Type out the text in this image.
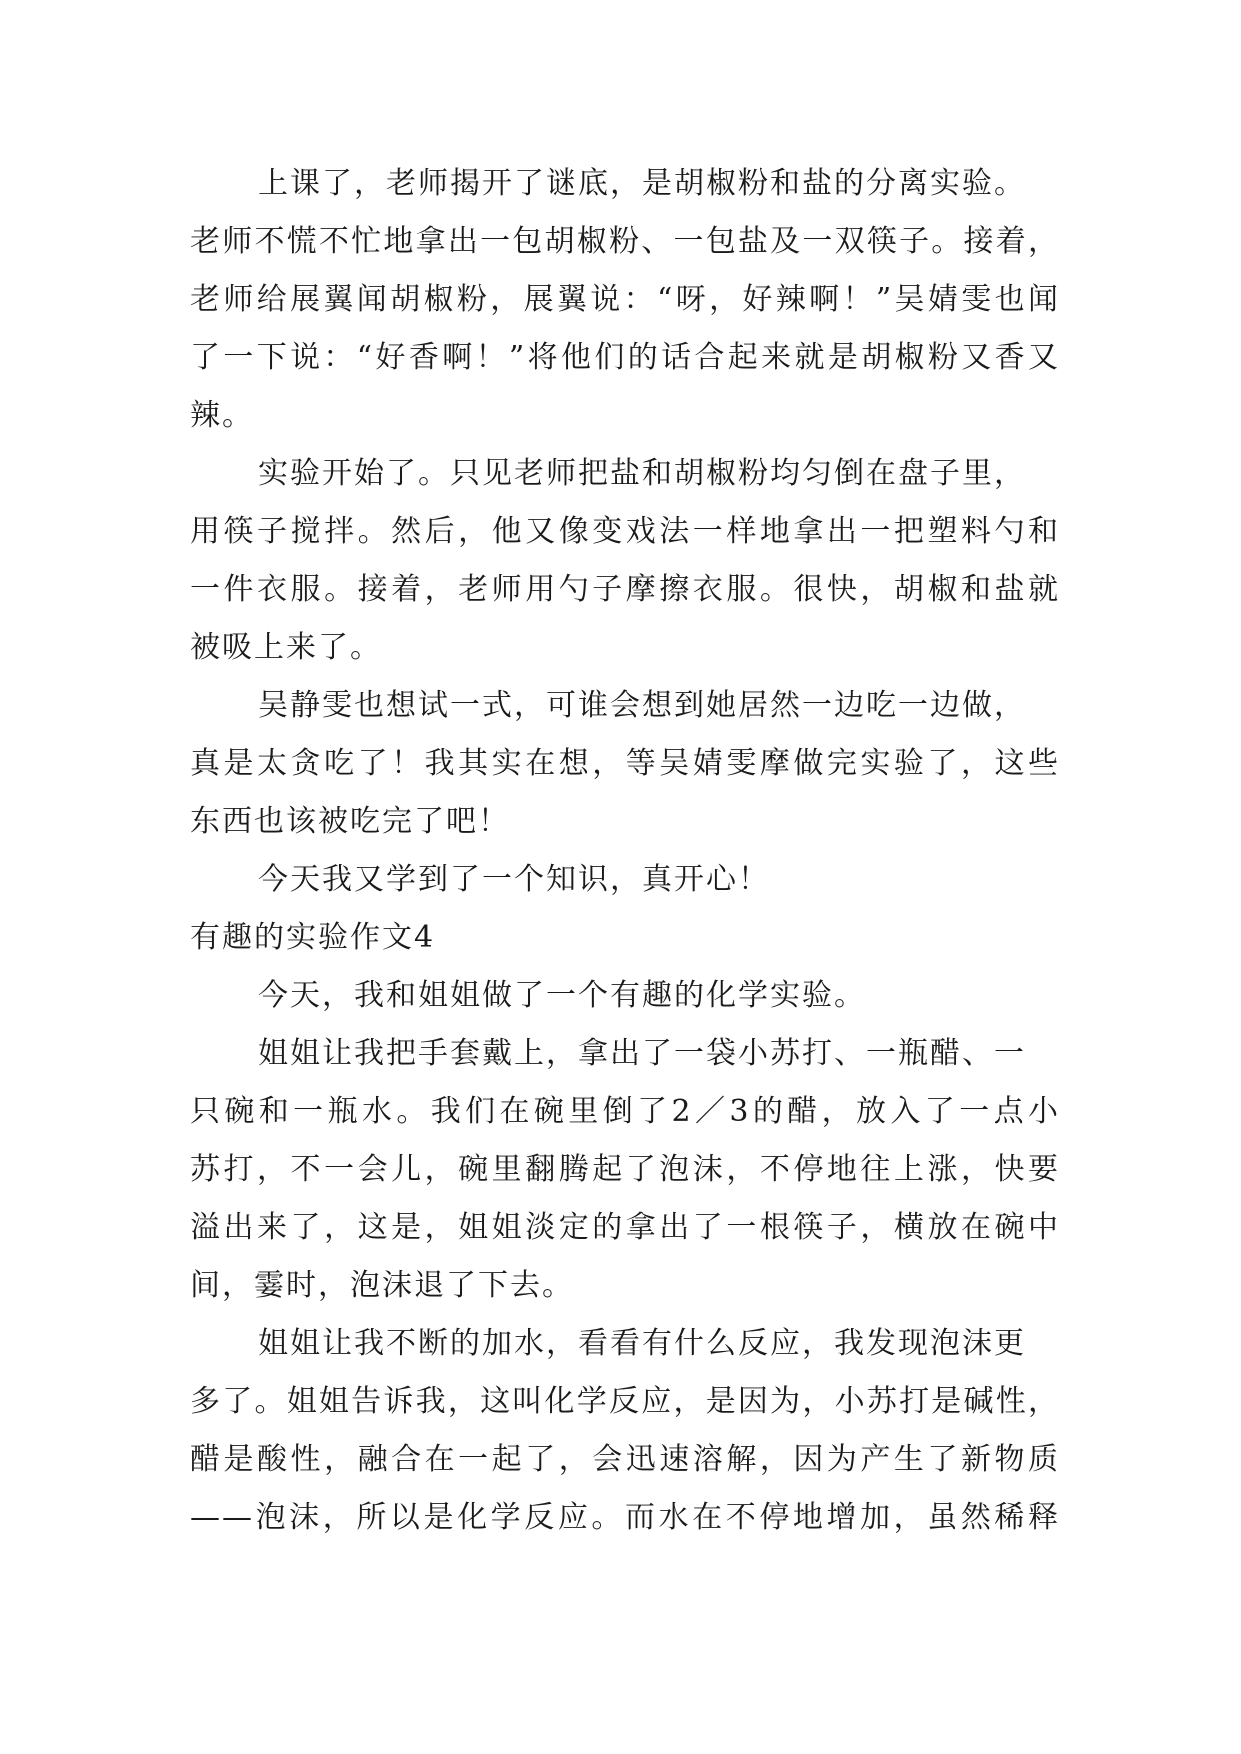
上课了，老师揭开了谜底，是胡椒粉和盐的分离实验。
老师不慌不忙地拿出一包胡椒粉、一包盐及一双筷子。接着，
老师给展翼闻胡椒粉，展翼说：“呀，好辣啊！”吴婧雯也闻
了一下说：“好香啊！”将他们的话合起来就是胡椒粉又香又
辣。
实验开始了。只见老师把盐和胡椒粉均匀倒在盘子里，
用筷子搅拌。然后，他又像变戏法一样地拿出一把塑料勺和
一件衣服。接着，老师用勺子摩擦衣服。很快，胡椒和盐就
被吸上来了。
吴静雯也想试一式，可谁会想到她居然一边吃一边做，
真是太贪吃了！我其实在想，等吴婧雯摩做完实验了，这些
东西也该被吃完了吧！
今天我又学到了一个知识，真开心！
有趣的实验作文4
今天，我和姐姐做了一个有趣的化学实验。
姐姐让我把手套戴上，拿出了一袋小苏打、一瓶醋、一
只碗和一瓶水。我们在碗里倒了2／3的醋，放入了一点小
苏打，不一会儿，碗里翻腾起了泡沫，不停地往上涨，快要
溢出来了，这是，姐姐淡定的拿出了一根筷子，横放在碗中
间，霎时，泡沫退了下去。
姐姐让我不断的加水，看看有什么反应，我发现泡沫更
多了。姐姐告诉我，这叫化学反应，是因为，小苏打是碱性，
醋是酸性，融合在一起了，会迅速溶解，因为产生了新物质
——泡沫，所以是化学反应。而水在不停地增加，虽然稀释
